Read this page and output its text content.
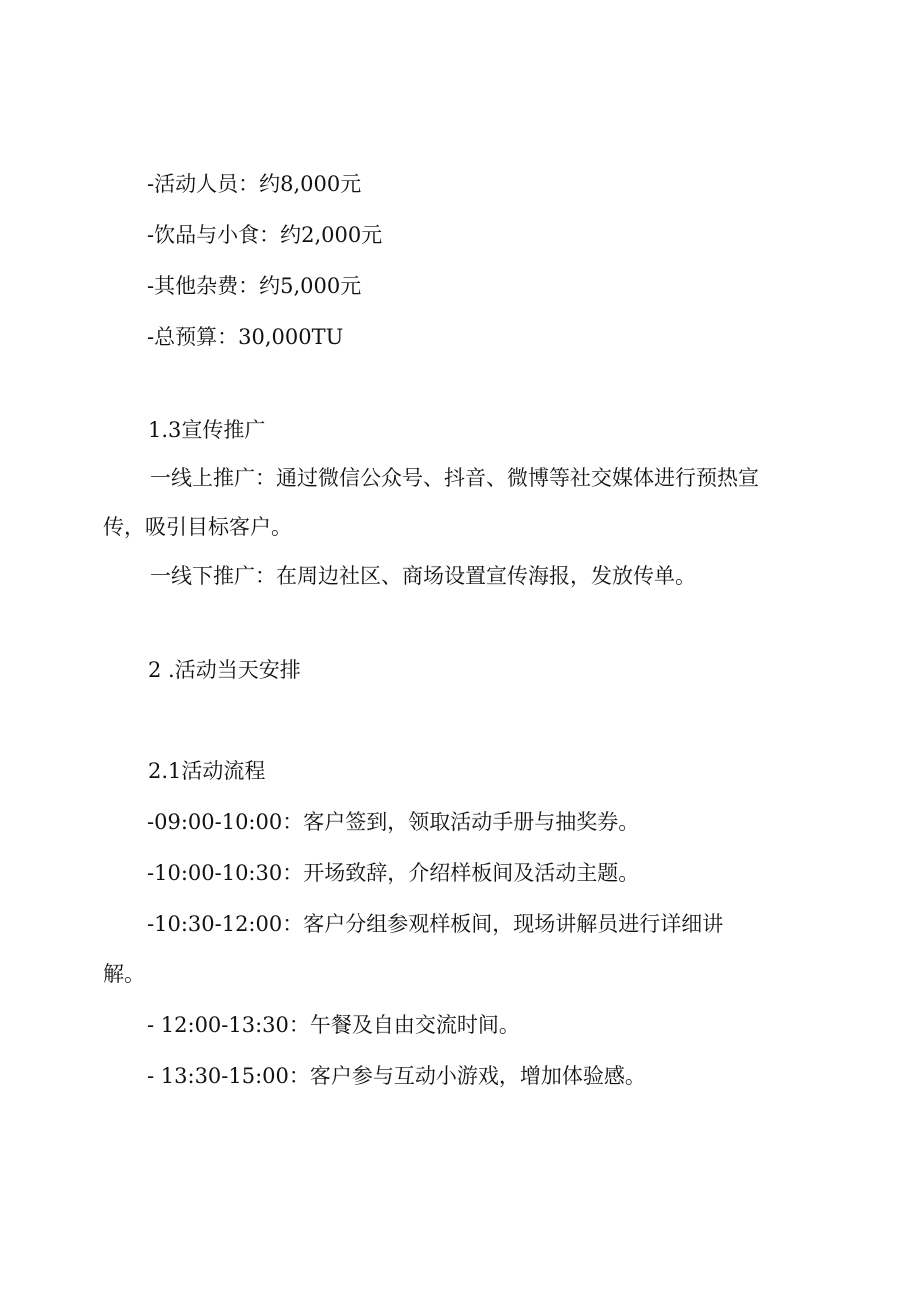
-活动人员：约8,000元

-饮品与小食：约2,000元

-其他杂费：约5,000元

-总预算：30,000TU

1.3宣传推广

一线上推广：通过微信公众号、抖音、微博等社交媒体进行预热宣

传，吸引目标客户。

一线下推广：在周边社区、商场设置宣传海报，发放传单。

2 .活动当天安排

2.1活动流程

-09:00-10:00：客户签到，领取活动手册与抽奖券。

-10:00-10:30：开场致辞，介绍样板间及活动主题。

-10:30-12:00：客户分组参观样板间，现场讲解员进行详细讲

解。

- 12:00-13:30：午餐及自由交流时间。

- 13:30-15:00：客户参与互动小游戏，增加体验感。
